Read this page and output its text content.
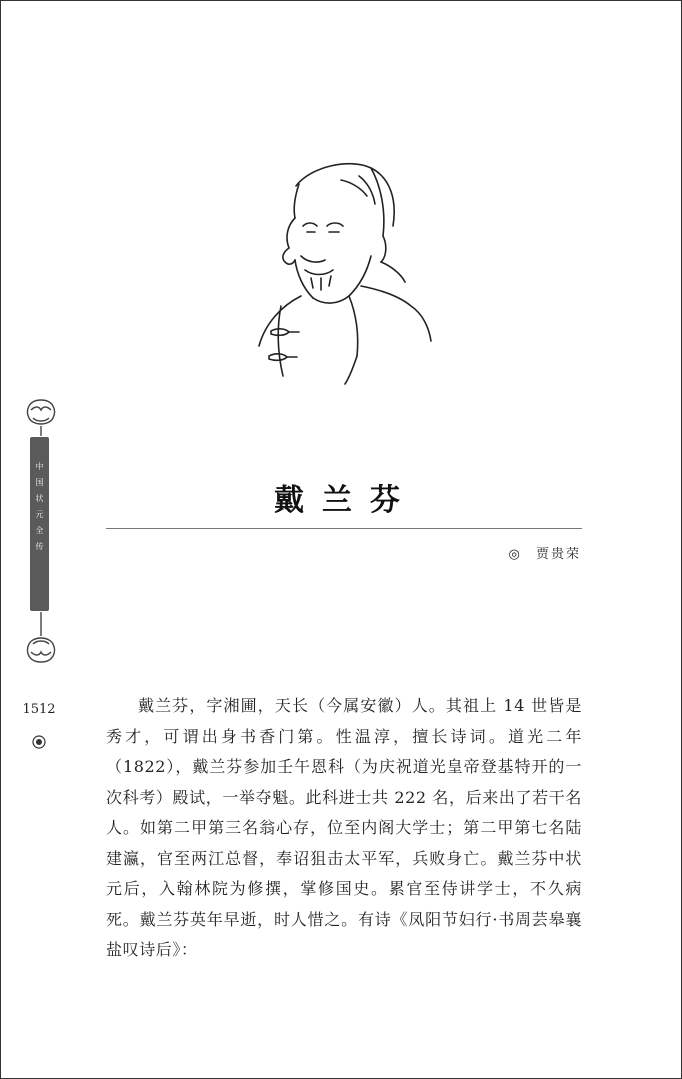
中
国
状
元
全
传
1512
戴兰芬
◎ 贾贵荣

戴兰芬，字湘圃，天长（今属安徽）人。其祖上 14 世皆是秀才，可谓出身书香门第。性温淳，擅长诗词。道光二年（1822），戴兰芬参加壬午恩科（为庆祝道光皇帝登基特开的一次科考）殿试，一举夺魁。此科进士共 222 名，后来出了若干名人。如第二甲第三名翁心存，位至内阁大学士；第二甲第七名陆建瀛，官至两江总督，奉诏狙击太平军，兵败身亡。戴兰芬中状元后，入翰林院为修撰，掌修国史。累官至侍讲学士，不久病死。戴兰芬英年早逝，时人惜之。有诗《凤阳节妇行·书周芸皋襄盐叹诗后》：
